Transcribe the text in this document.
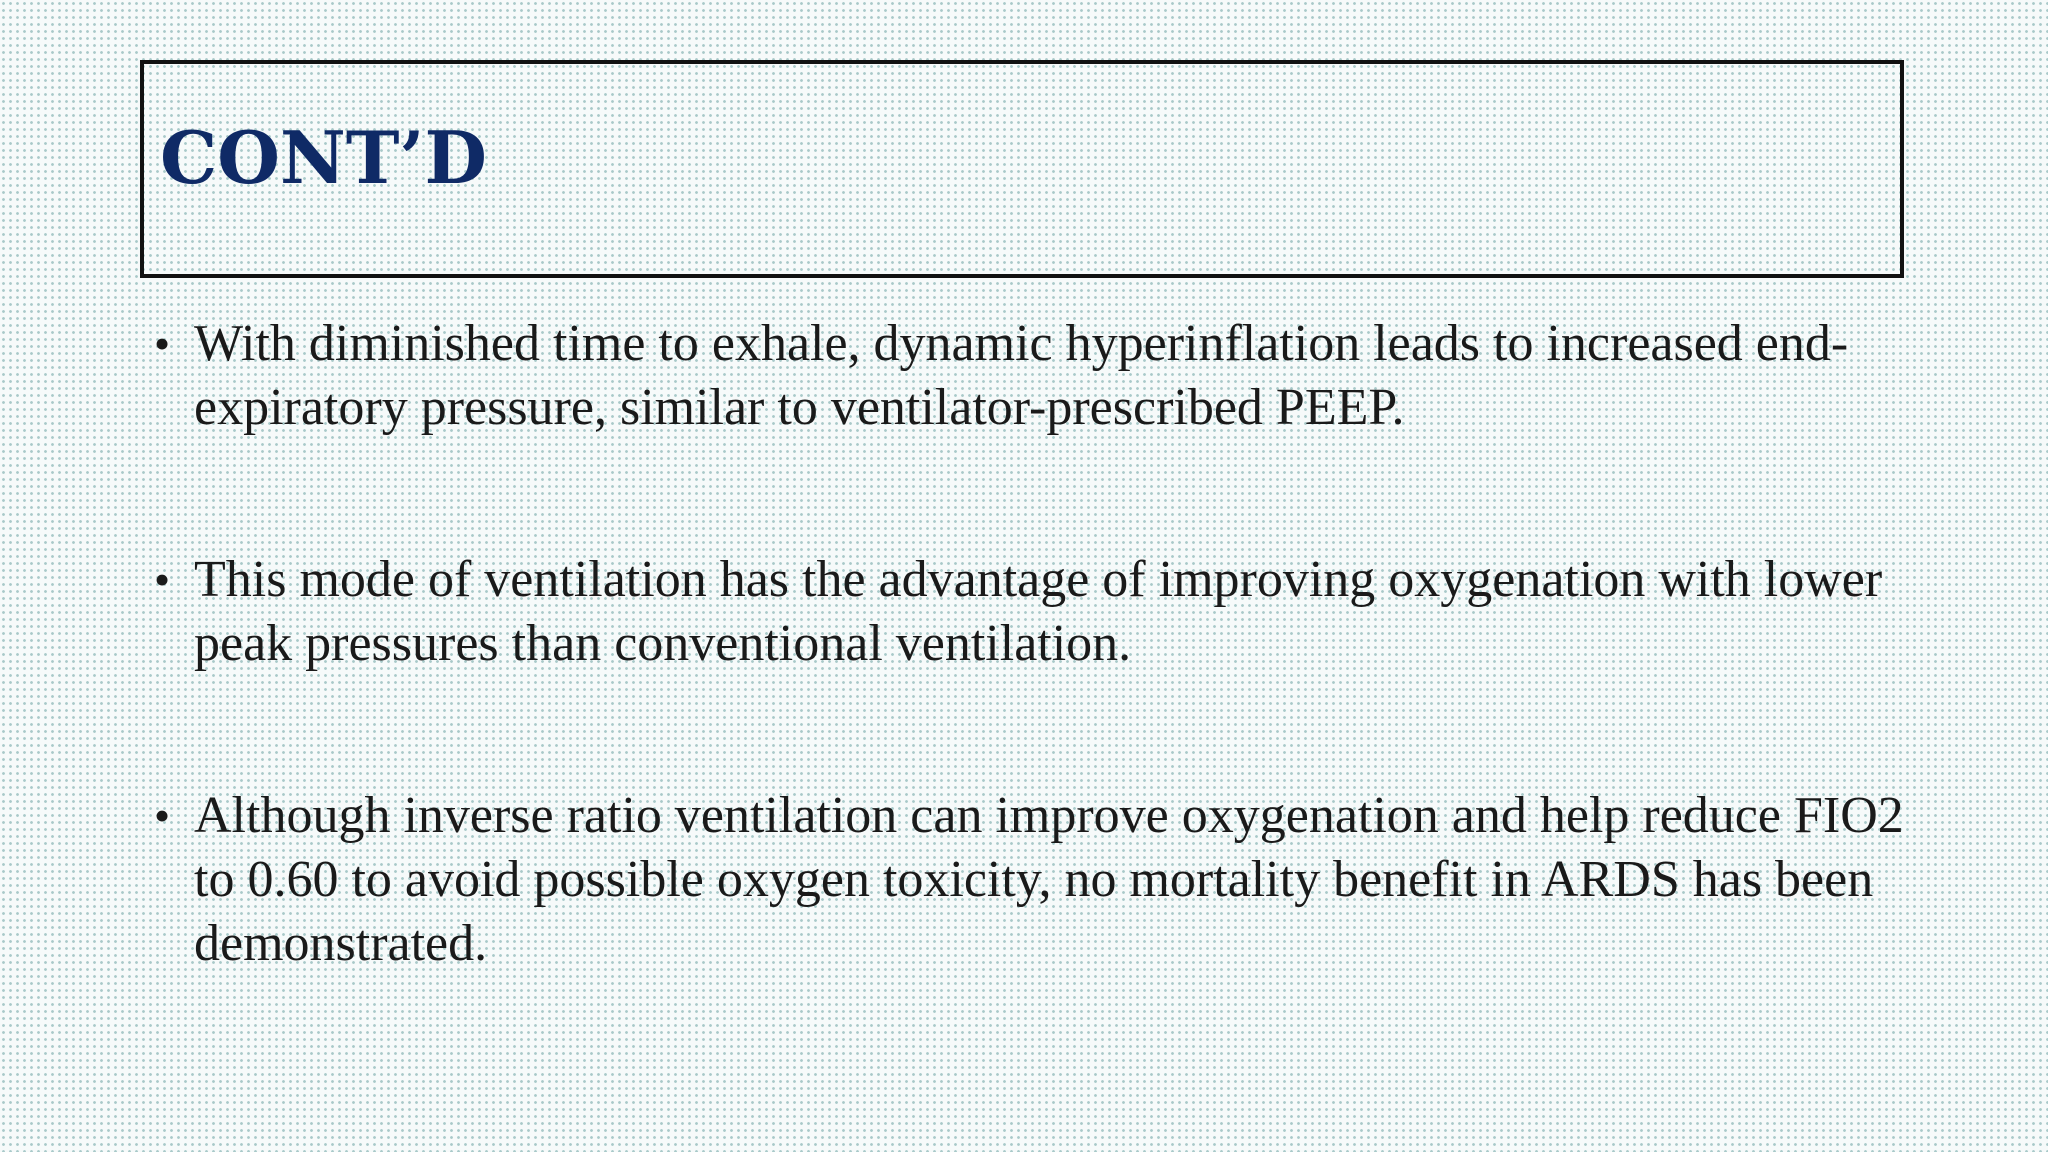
CONT’D
• With diminished time to exhale, dynamic hyperinflation leads to increased end-expiratory pressure, similar to ventilator-prescribed PEEP.
• This mode of ventilation has the advantage of improving oxygenation with lower peak pressures than conventional ventilation.
• Although inverse ratio ventilation can improve oxygenation and help reduce FIO2 to 0.60 to avoid possible oxygen toxicity, no mortality benefit in ARDS has been demonstrated.
